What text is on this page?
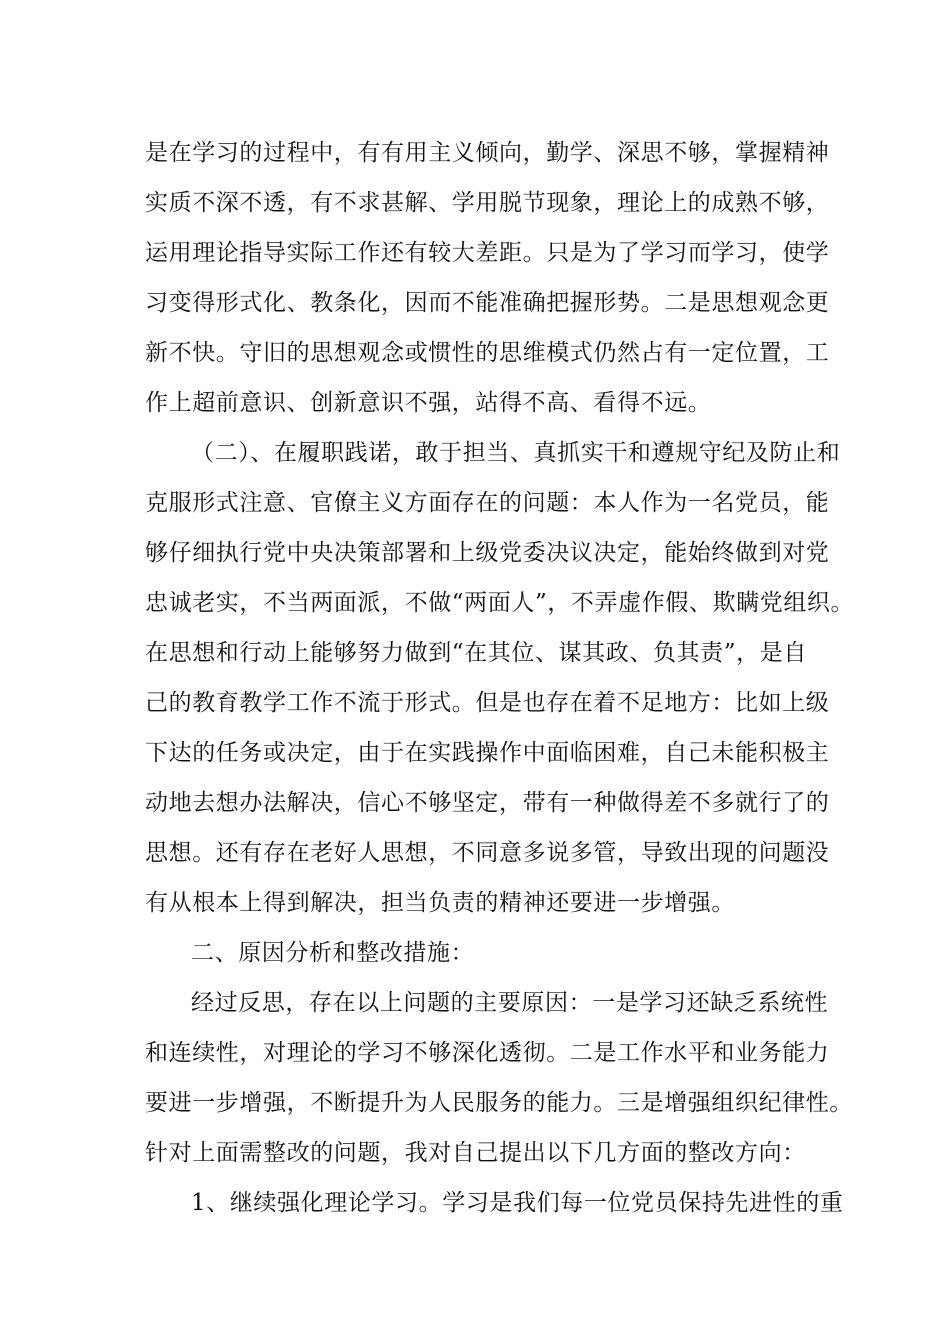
是在学习的过程中，有有用主义倾向，勤学、深思不够，掌握精神
实质不深不透，有不求甚解、学用脱节现象，理论上的成熟不够，
运用理论指导实际工作还有较大差距。只是为了学习而学习，使学
习变得形式化、教条化，因而不能准确把握形势。二是思想观念更
新不快。守旧的思想观念或惯性的思维模式仍然占有一定位置，工
作上超前意识、创新意识不强，站得不高、看得不远。
（二）、在履职践诺，敢于担当、真抓实干和遵规守纪及防止和
克服形式注意、官僚主义方面存在的问题：本人作为一名党员，能
够仔细执行党中央决策部署和上级党委决议决定，能始终做到对党
忠诚老实，不当两面派，不做“两面人”，不弄虚作假、欺瞒党组织。
在思想和行动上能够努力做到“在其位、谋其政、负其责”，是自
己的教育教学工作不流于形式。但是也存在着不足地方：比如上级
下达的任务或决定，由于在实践操作中面临困难，自己未能积极主
动地去想办法解决，信心不够坚定，带有一种做得差不多就行了的
思想。还有存在老好人思想，不同意多说多管，导致出现的问题没
有从根本上得到解决，担当负责的精神还要进一步增强。
二、原因分析和整改措施：
经过反思，存在以上问题的主要原因：一是学习还缺乏系统性
和连续性，对理论的学习不够深化透彻。二是工作水平和业务能力
要进一步增强，不断提升为人民服务的能力。三是增强组织纪律性。
针对上面需整改的问题，我对自己提出以下几方面的整改方向：
1、继续强化理论学习。学习是我们每一位党员保持先进性的重
